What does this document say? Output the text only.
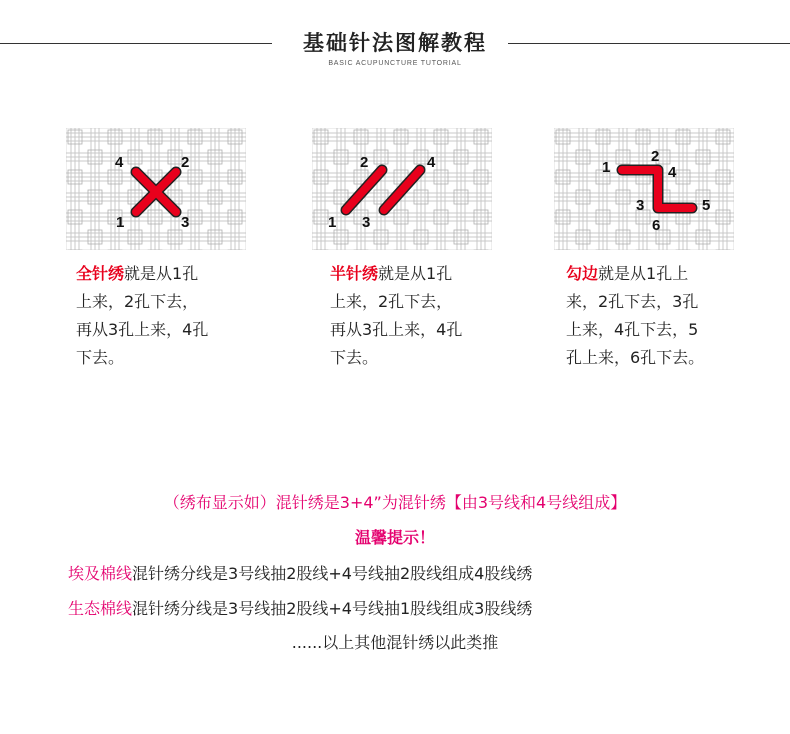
基础针法图解教程
BASIC ACUPUNCTURE TUTORIAL
4	2
1	3
2	4
1 3
1
2
4
3	5
6
全针绣就是从1孔
上来，2孔下去，
再从3孔上来，4孔
下去。
半针绣就是从1孔
上来，2孔下去，
再从3孔上来，4孔
下去。
勾边就是从1孔上
来，2孔下去，3孔
上来，4孔下去，5
孔上来，6孔下去。
（绣布显示如）混针绣是3+4”为混针绣【由3号线和4号线组成】
温馨提示！
埃及棉线混针绣分线是3号线抽2股线+4号线抽2股线组成4股线绣
生态棉线混针绣分线是3号线抽2股线+4号线抽1股线组成3股线绣
......以上其他混针绣以此类推
